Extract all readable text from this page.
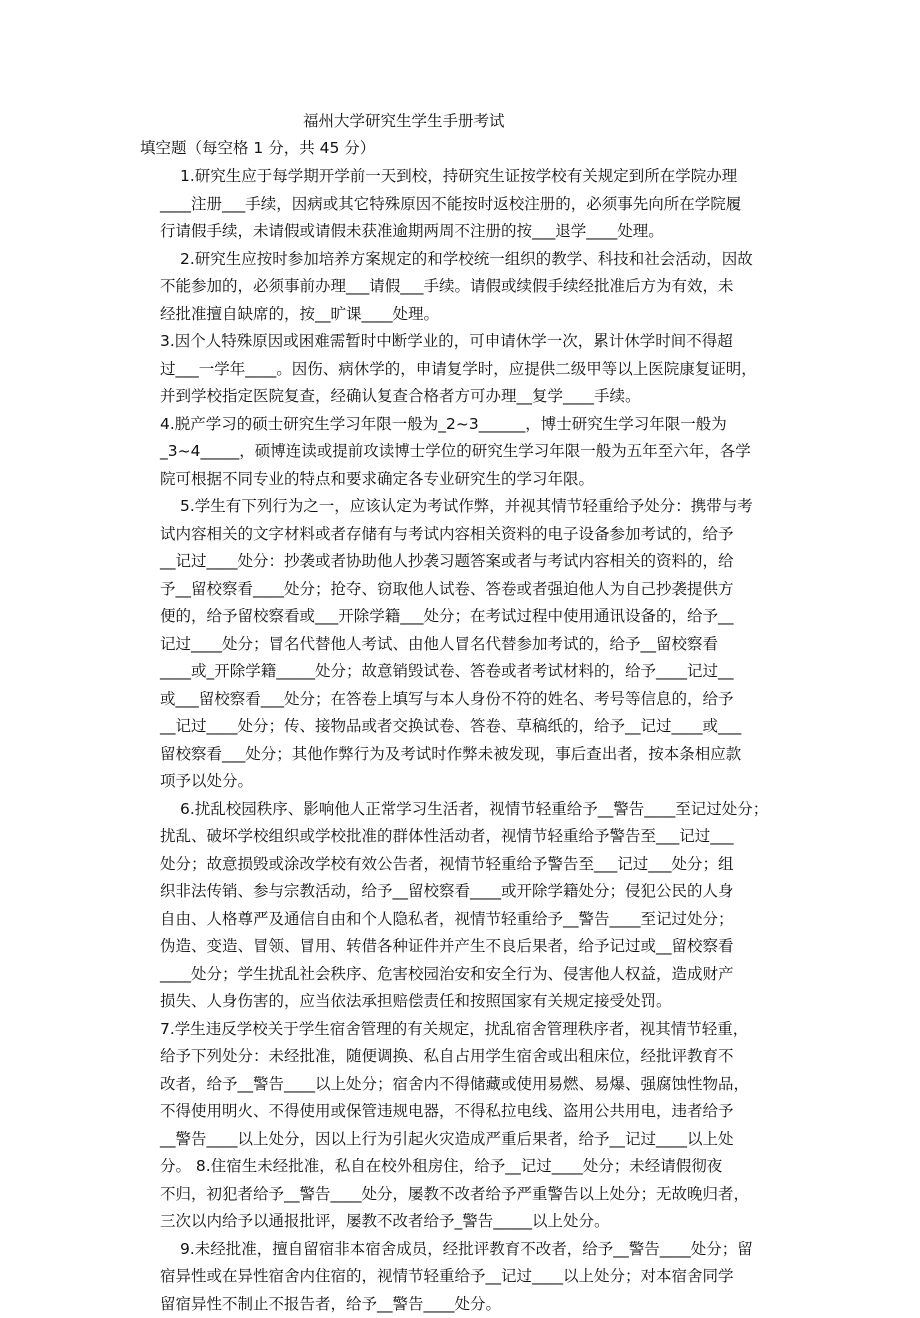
福州大学研究生学生手册考试
填空题（每空格 1 分，共 45 分）

1.研究生应于每学期开学前一天到校，持研究生证按学校有关规定到所在学院办理

____注册___手续，因病或其它特殊原因不能按时返校注册的，必须事先向所在学院履

行请假手续，未请假或请假未获准逾期两周不注册的按___退学____处理。

2.研究生应按时参加培养方案规定的和学校统一组织的教学、科技和社会活动，因故

不能参加的，必须事前办理___请假___手续。请假或续假手续经批准后方为有效，未

经批准擅自缺席的，按__旷课____处理。

3.因个人特殊原因或困难需暂时中断学业的，可申请休学一次，累计休学时间不得超

过___一学年____。因伤、病休学的，申请复学时，应提供二级甲等以上医院康复证明，

并到学校指定医院复查，经确认复查合格者方可办理__复学____手续。

4.脱产学习的硕士研究生学习年限一般为_2~3______，博士研究生学习年限一般为

_3~4_____，硕博连读或提前攻读博士学位的研究生学习年限一般为五年至六年，各学

院可根据不同专业的特点和要求确定各专业研究生的学习年限。

5.学生有下列行为之一，应该认定为考试作弊，并视其情节轻重给予处分：携带与考

试内容相关的文字材料或者存储有与考试内容相关资料的电子设备参加考试的，给予

__记过____处分：抄袭或者协助他人抄袭习题答案或者与考试内容相关的资料的，给

予__留校察看____处分；抢夺、窃取他人试卷、答卷或者强迫他人为自己抄袭提供方

便的，给予留校察看或___开除学籍___处分；在考试过程中使用通讯设备的，给予__

记过____处分；冒名代替他人考试、由他人冒名代替参加考试的，给予__留校察看

____或_开除学籍_____处分；故意销毁试卷、答卷或者考试材料的，给予____记过__

或___留校察看___处分；在答卷上填写与本人身份不符的姓名、考号等信息的，给予

__记过____处分；传、接物品或者交换试卷、答卷、草稿纸的，给予__记过____或___

留校察看___处分；其他作弊行为及考试时作弊未被发现，事后查出者，按本条相应款

项予以处分。

6.扰乱校园秩序、影响他人正常学习生活者，视情节轻重给予__警告____至记过处分；

扰乱、破坏学校组织或学校批准的群体性活动者，视情节轻重给予警告至___记过___

处分；故意损毁或涂改学校有效公告者，视情节轻重给予警告至___记过___处分；组

织非法传销、参与宗教活动，给予__留校察看____或开除学籍处分；侵犯公民的人身

自由、人格尊严及通信自由和个人隐私者，视情节轻重给予__警告____至记过处分；

伪造、变造、冒领、冒用、转借各种证件并产生不良后果者，给予记过或__留校察看

____处分；学生扰乱社会秩序、危害校园治安和安全行为、侵害他人权益，造成财产

损失、人身伤害的，应当依法承担赔偿责任和按照国家有关规定接受处罚。

7.学生违反学校关于学生宿舍管理的有关规定，扰乱宿舍管理秩序者，视其情节轻重，

给予下列处分：未经批准，随便调换、私自占用学生宿舍或出租床位，经批评教育不

改者，给予__警告____以上处分；宿舍内不得储藏或使用易燃、易爆、强腐蚀性物品，

不得使用明火、不得使用或保管违规电器，不得私拉电线、盗用公共用电，违者给予

__警告____以上处分，因以上行为引起火灾造成严重后果者，给予__记过____以上处

分。 8.住宿生未经批准，私自在校外租房住，给予__记过____处分；未经请假彻夜

不归，初犯者给予__警告____处分，屡教不改者给予严重警告以上处分；无故晚归者，

三次以内给予以通报批评，屡教不改者给予_警告_____以上处分。

9.未经批准，擅自留宿非本宿舍成员，经批评教育不改者，给予__警告____处分；留

宿异性或在异性宿舍内住宿的，视情节轻重给予__记过____以上处分；对本宿舍同学

留宿异性不制止不报告者，给予__警告____处分。
